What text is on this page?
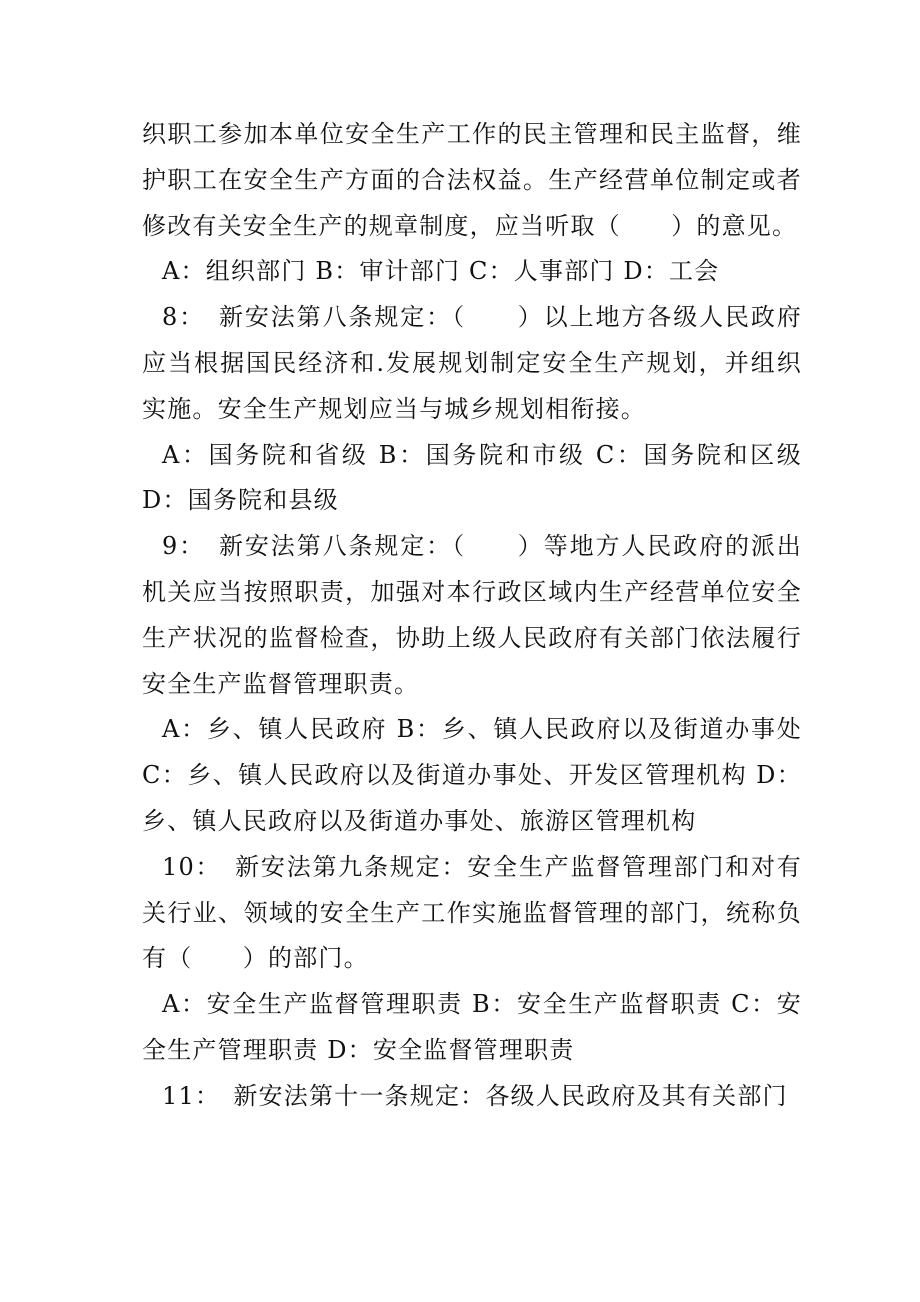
织职工参加本单位安全生产工作的民主管理和民主监督，维护职工在安全生产方面的合法权益。生产经营单位制定或者修改有关安全生产的规章制度，应当听取（　　）的意见。

A：组织部门 B：审计部门 C：人事部门 D：工会

8：　新安法第八条规定：（　　）以上地方各级人民政府应当根据国民经济和.发展规划制定安全生产规划，并组织实施。安全生产规划应当与城乡规划相衔接。

A：国务院和省级 B：国务院和市级 C：国务院和区级 D：国务院和县级

9：　新安法第八条规定：（　　）等地方人民政府的派出机关应当按照职责，加强对本行政区域内生产经营单位安全生产状况的监督检查，协助上级人民政府有关部门依法履行安全生产监督管理职责。

A：乡、镇人民政府 B：乡、镇人民政府以及街道办事处 C：乡、镇人民政府以及街道办事处、开发区管理机构 D：乡、镇人民政府以及街道办事处、旅游区管理机构

10：　新安法第九条规定：安全生产监督管理部门和对有关行业、领域的安全生产工作实施监督管理的部门，统称负有（　　）的部门。

A：安全生产监督管理职责 B：安全生产监督职责 C：安全生产管理职责 D：安全监督管理职责

11：　新安法第十一条规定：各级人民政府及其有关部门
